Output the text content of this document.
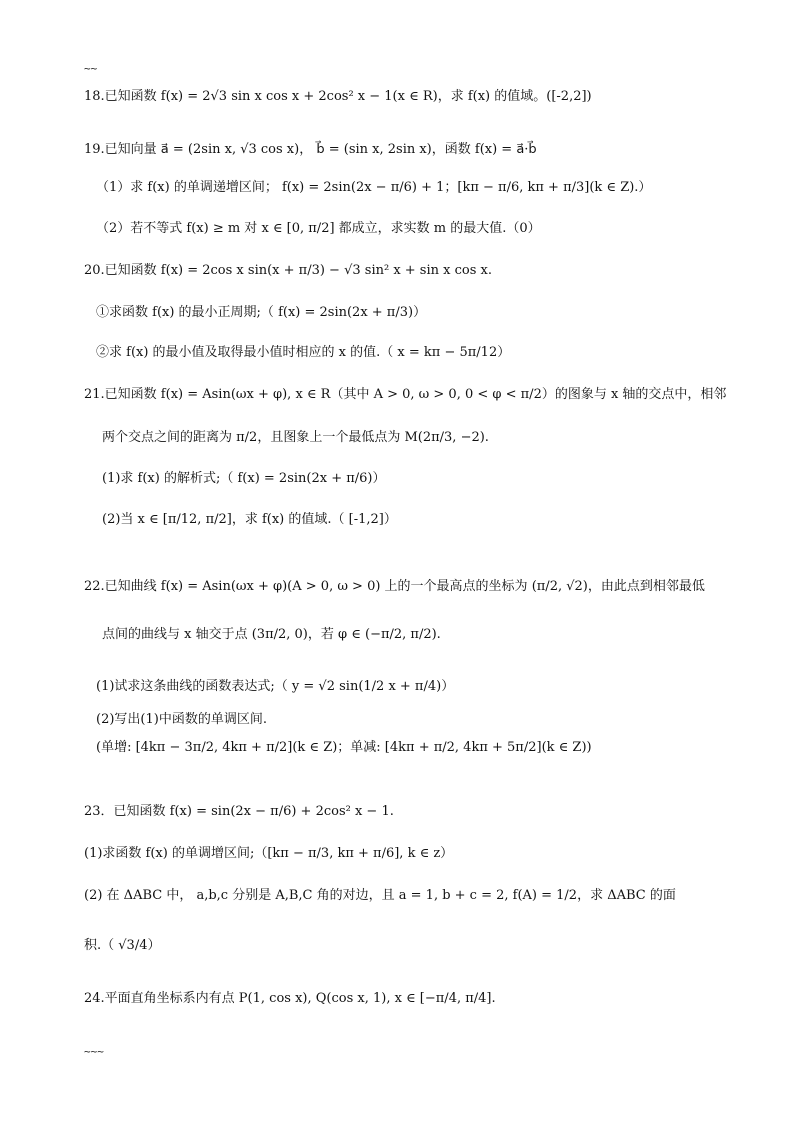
~~
18.已知函数 f(x) = 2√3 sin x cos x + 2cos² x − 1(x ∈ R)，求 f(x) 的值域。([-2,2])
19.已知向量 a⃗ = (2sin x, √3 cos x)， b⃗ = (sin x, 2sin x)，函数 f(x) = a⃗·b⃗
（1）求 f(x) 的单调递增区间； f(x) = 2sin(2x − π/6) + 1；[kπ − π/6, kπ + π/3](k ∈ Z).）
（2）若不等式 f(x) ≥ m 对 x ∈ [0, π/2] 都成立，求实数 m 的最大值.（0）
20.已知函数 f(x) = 2cos x sin(x + π/3) − √3 sin² x + sin x cos x.
①求函数 f(x) 的最小正周期;（ f(x) = 2sin(2x + π/3)）
②求 f(x) 的最小值及取得最小值时相应的 x 的值.（ x = kπ − 5π/12）
21.已知函数 f(x) = Asin(ωx + φ), x ∈ R（其中 A > 0, ω > 0, 0 < φ < π/2）的图象与 x 轴的交点中，相邻
两个交点之间的距离为 π/2，且图象上一个最低点为 M(2π/3, −2).
(1)求 f(x) 的解析式;（ f(x) = 2sin(2x + π/6)）
(2)当 x ∈ [π/12, π/2]，求 f(x) 的值域.（ [-1,2]）
22.已知曲线 f(x) = Asin(ωx + φ)(A > 0, ω > 0) 上的一个最高点的坐标为 (π/2, √2)，由此点到相邻最低
点间的曲线与 x 轴交于点 (3π/2, 0)，若 φ ∈ (−π/2, π/2).
(1)试求这条曲线的函数表达式;（ y = √2 sin(1/2 x + π/4)）
(2)写出(1)中函数的单调区间.
(单增: [4kπ − 3π/2, 4kπ + π/2](k ∈ Z)；单减: [4kπ + π/2, 4kπ + 5π/2](k ∈ Z))
23．已知函数 f(x) = sin(2x − π/6) + 2cos² x − 1.
(1)求函数 f(x) 的单调增区间;（[kπ − π/3, kπ + π/6], k ∈ z）
(2) 在 ΔABC 中， a,b,c 分别是 A,B,C 角的对边，且 a = 1, b + c = 2, f(A) = 1/2，求 ΔABC 的面
积.（ √3/4）
24.平面直角坐标系内有点 P(1, cos x), Q(cos x, 1), x ∈ [−π/4, π/4].
~~~
